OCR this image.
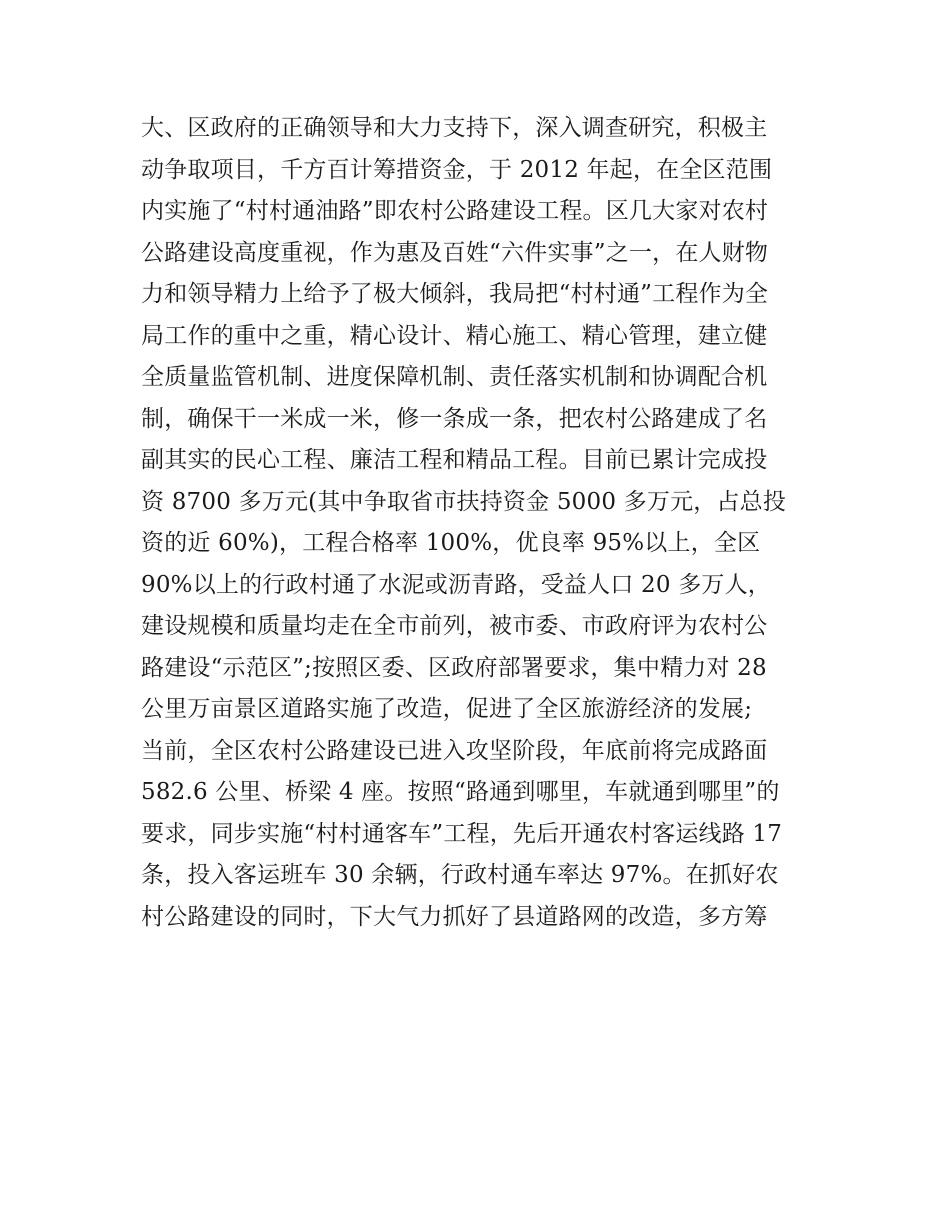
大、区政府的正确领导和大力支持下，深入调查研究，积极主
动争取项目，千方百计筹措资金，于 2012 年起，在全区范围
内实施了“村村通油路”即农村公路建设工程。区几大家对农村
公路建设高度重视，作为惠及百姓“六件实事”之一，在人财物
力和领导精力上给予了极大倾斜，我局把“村村通”工程作为全
局工作的重中之重，精心设计、精心施工、精心管理，建立健
全质量监管机制、进度保障机制、责任落实机制和协调配合机
制，确保干一米成一米，修一条成一条，把农村公路建成了名
副其实的民心工程、廉洁工程和精品工程。目前已累计完成投
资 8700 多万元(其中争取省市扶持资金 5000 多万元，占总投
资的近 60%)，工程合格率 100%，优良率 95%以上，全区
90%以上的行政村通了水泥或沥青路，受益人口 20 多万人，
建设规模和质量均走在全市前列，被市委、市政府评为农村公
路建设“示范区”;按照区委、区政府部署要求，集中精力对 28
公里万亩景区道路实施了改造，促进了全区旅游经济的发展;
当前，全区农村公路建设已进入攻坚阶段，年底前将完成路面
582.6 公里、桥梁 4 座。按照“路通到哪里，车就通到哪里”的
要求，同步实施“村村通客车”工程，先后开通农村客运线路 17
条，投入客运班车 30 余辆，行政村通车率达 97%。在抓好农
村公路建设的同时，下大气力抓好了县道路网的改造，多方筹
